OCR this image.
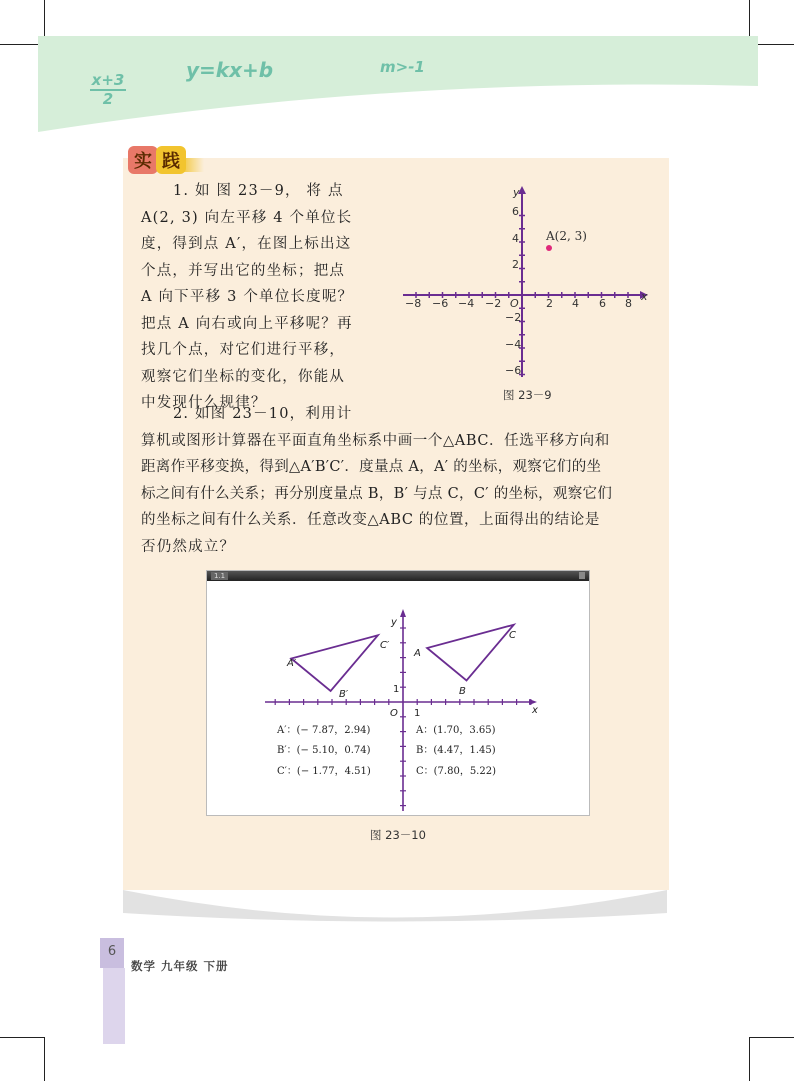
$\frac{x+3}{2}$
y=kx+b	m>-1
实 践
1. 如 图 23－9， 将 点
A(2, 3) 向左平移 4 个单位长
度，得到点 A′，在图上标出这
个点，并写出它的坐标；把点
A 向下平移 3 个单位长度呢？
把点 A 向右或向上平移呢？再
找几个点，对它们进行平移，
观察它们坐标的变化，你能从
中发现什么规律？
x
y
O
−8 −6 −4 −2	2 4 6 8
6
4
2
−2
−4
−6
A(2, 3)
图 23－9
2. 如图 23－10，利用计
算机或图形计算器在平面直角坐标系中画一个△ABC．任选平移方向和
距离作平移变换，得到△A′B′C′．度量点 A，A′ 的坐标，观察它们的坐
标之间有什么关系；再分别度量点 B，B′ 与点 C，C′ 的坐标，观察它们
的坐标之间有什么关系．任意改变△ABC 的位置，上面得出的结论是
否仍然成立？
1.1
x
y
O 1
1
A
B
C
A′
B′
C′
A′：(− 7.87，2.94)
B′：(− 5.10，0.74)
C′：(− 1.77，4.51)
A：(1.70，3.65)
B：(4.47，1.45)
C：(7.80，5.22)
图 23－10
6
数学 九年级 下册
